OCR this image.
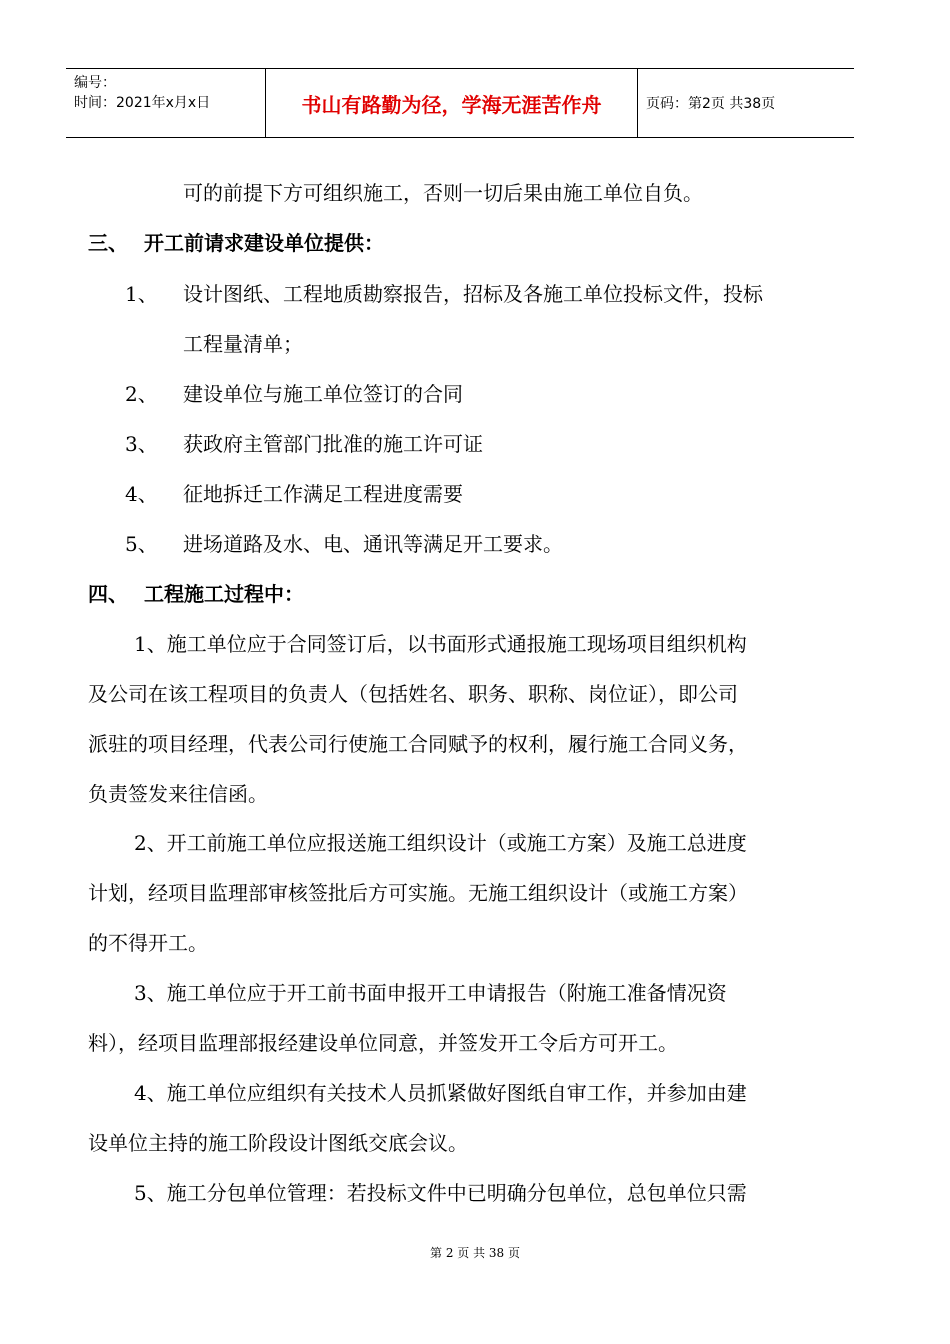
编号：
时间：2021年x月x日	书山有路勤为径，学海无涯苦作舟	页码：第2页 共38页
可的前提下方可组织施工，否则一切后果由施工单位自负。
三、 开工前请求建设单位提供：
1、 设计图纸、工程地质勘察报告，招标及各施工单位投标文件，投标
工程量清单；
2、 建设单位与施工单位签订的合同
3、 获政府主管部门批准的施工许可证
4、 征地拆迁工作满足工程进度需要
5、 进场道路及水、电、通讯等满足开工要求。
四、 工程施工过程中：
1、施工单位应于合同签订后，以书面形式通报施工现场项目组织机构
及公司在该工程项目的负责人（包括姓名、职务、职称、岗位证），即公司
派驻的项目经理，代表公司行使施工合同赋予的权利，履行施工合同义务，
负责签发来往信函。
2、开工前施工单位应报送施工组织设计（或施工方案）及施工总进度
计划，经项目监理部审核签批后方可实施。无施工组织设计（或施工方案）
的不得开工。
3、施工单位应于开工前书面申报开工申请报告（附施工准备情况资
料），经项目监理部报经建设单位同意，并签发开工令后方可开工。
4、施工单位应组织有关技术人员抓紧做好图纸自审工作，并参加由建
设单位主持的施工阶段设计图纸交底会议。
5、施工分包单位管理：若投标文件中已明确分包单位，总包单位只需
第 2 页 共 38 页
